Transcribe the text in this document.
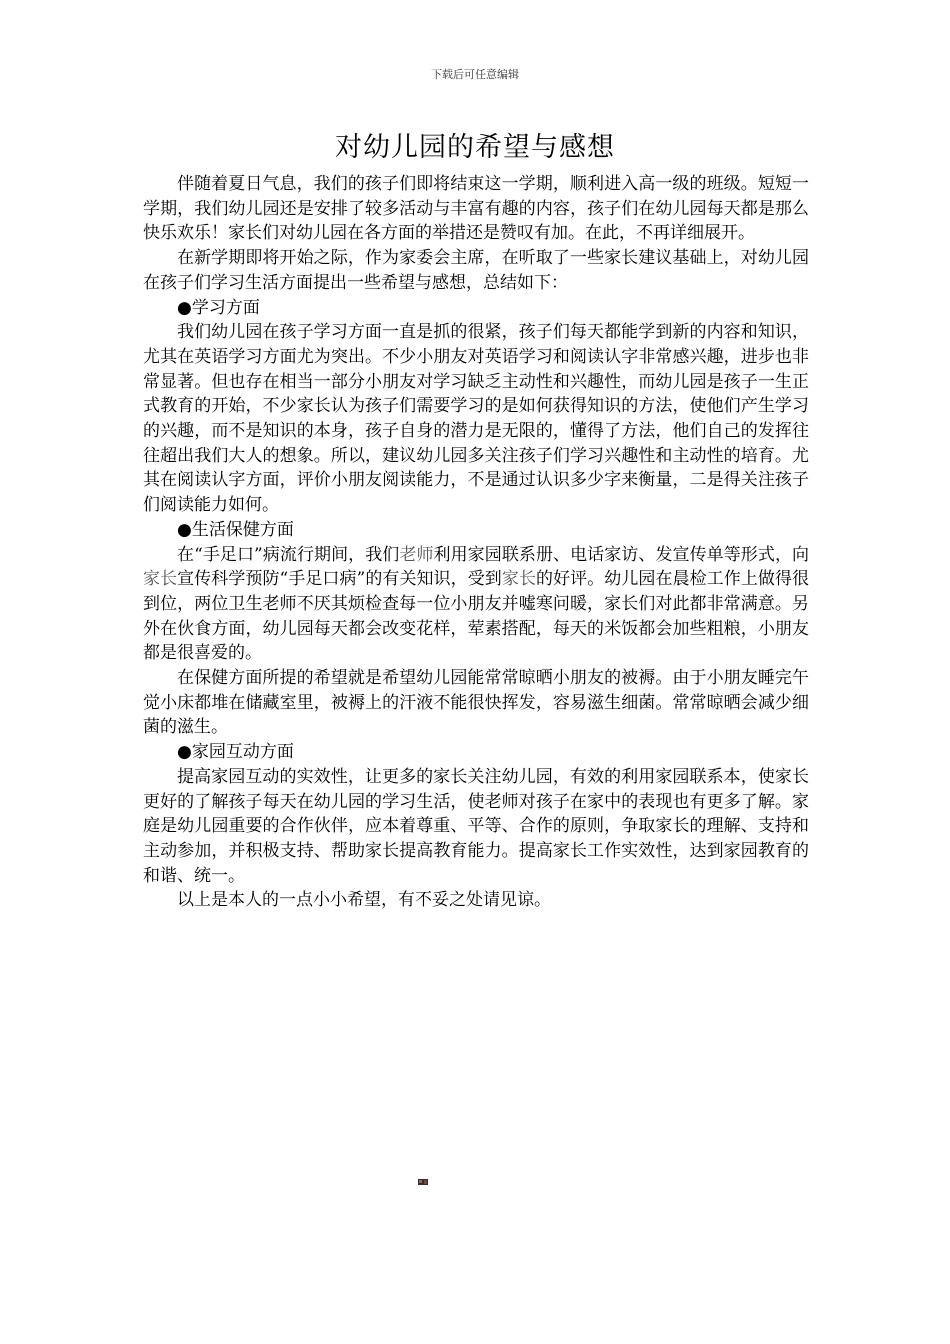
下载后可任意编辑
对幼儿园的希望与感想

伴随着夏日气息，我们的孩子们即将结束这一学期，顺利进入高一级的班级。短短一学期，我们幼儿园还是安排了较多活动与丰富有趣的内容，孩子们在幼儿园每天都是那么快乐欢乐！家长们对幼儿园在各方面的举措还是赞叹有加。在此，不再详细展开。

在新学期即将开始之际，作为家委会主席，在听取了一些家长建议基础上，对幼儿园在孩子们学习生活方面提出一些希望与感想，总结如下：

●学习方面

我们幼儿园在孩子学习方面一直是抓的很紧，孩子们每天都能学到新的内容和知识，尤其在英语学习方面尤为突出。不少小朋友对英语学习和阅读认字非常感兴趣，进步也非常显著。但也存在相当一部分小朋友对学习缺乏主动性和兴趣性，而幼儿园是孩子一生正式教育的开始，不少家长认为孩子们需要学习的是如何获得知识的方法，使他们产生学习的兴趣，而不是知识的本身，孩子自身的潜力是无限的，懂得了方法，他们自己的发挥往往超出我们大人的想象。所以，建议幼儿园多关注孩子们学习兴趣性和主动性的培育。尤其在阅读认字方面，评价小朋友阅读能力，不是通过认识多少字来衡量，二是得关注孩子们阅读能力如何。

●生活保健方面

在“手足口”病流行期间，我们老师利用家园联系册、电话家访、发宣传单等形式，向家长宣传科学预防“手足口病”的有关知识，受到家长的好评。幼儿园在晨检工作上做得很到位，两位卫生老师不厌其烦检查每一位小朋友并嘘寒问暖，家长们对此都非常满意。另外在伙食方面，幼儿园每天都会改变花样，荤素搭配，每天的米饭都会加些粗粮，小朋友都是很喜爱的。

在保健方面所提的希望就是希望幼儿园能常常晾晒小朋友的被褥。由于小朋友睡完午觉小床都堆在储藏室里，被褥上的汗液不能很快挥发，容易滋生细菌。常常晾晒会减少细菌的滋生。

●家园互动方面

提高家园互动的实效性，让更多的家长关注幼儿园，有效的利用家园联系本，使家长更好的了解孩子每天在幼儿园的学习生活，使老师对孩子在家中的表现也有更多了解。家庭是幼儿园重要的合作伙伴，应本着尊重、平等、合作的原则，争取家长的理解、支持和主动参加，并积极支持、帮助家长提高教育能力。提高家长工作实效性，达到家园教育的和谐、统一。

以上是本人的一点小小希望，有不妥之处请见谅。
